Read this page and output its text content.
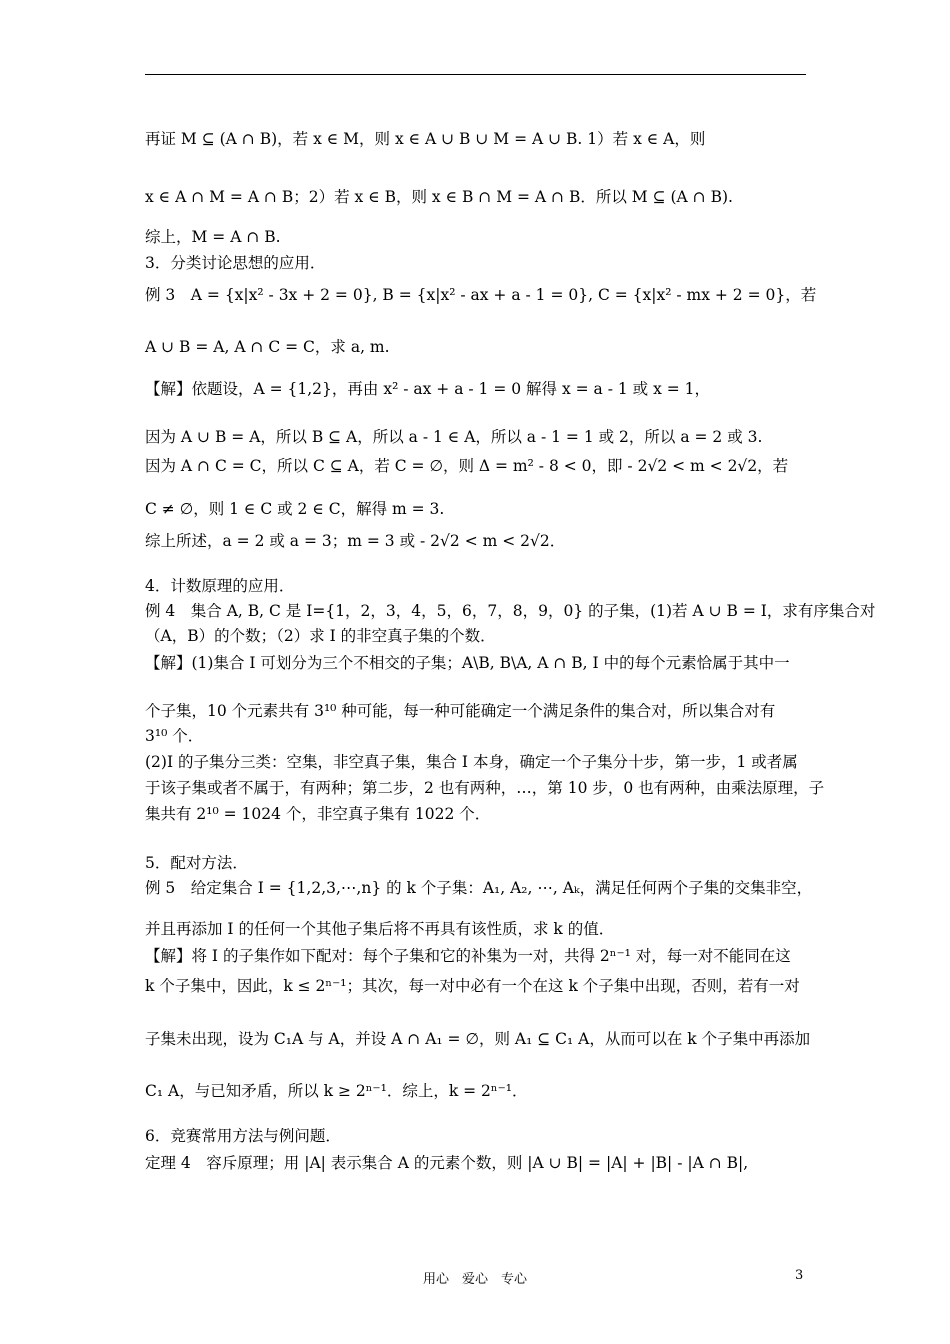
再证 M ⊆ (A ∩ B)，若 x ∈ M，则 x ∈ A ∪ B ∪ M = A ∪ B. 1）若 x ∈ A，则
x ∈ A ∩ M = A ∩ B；2）若 x ∈ B，则 x ∈ B ∩ M = A ∩ B．所以 M ⊆ (A ∩ B).
综上，M = A ∩ B.
3．分类讨论思想的应用．
例 3　A = {x|x² - 3x + 2 = 0}, B = {x|x² - ax + a - 1 = 0}, C = {x|x² - mx + 2 = 0}，若
A ∪ B = A, A ∩ C = C，求 a, m.
【解】依题设，A = {1,2}，再由 x² - ax + a - 1 = 0 解得 x = a - 1 或 x = 1，
因为 A ∪ B = A，所以 B ⊆ A，所以 a - 1 ∈ A，所以 a - 1 = 1 或 2，所以 a = 2 或 3.
因为 A ∩ C = C，所以 C ⊆ A，若 C = ∅，则 Δ = m² - 8 < 0，即 - 2√2 < m < 2√2，若
C ≠ ∅，则 1 ∈ C 或 2 ∈ C，解得 m = 3.
综上所述，a = 2 或 a = 3；m = 3 或 - 2√2 < m < 2√2．
4．计数原理的应用．
例 4　集合 A, B, C 是 I={1，2，3，4，5，6，7，8，9，0} 的子集，(1)若 A ∪ B = I，求有序集合对
（A，B）的个数；（2）求 I 的非空真子集的个数．
【解】(1)集合 I 可划分为三个不相交的子集；A\B, B\A, A ∩ B, I 中的每个元素恰属于其中一
个子集，10 个元素共有 3¹⁰ 种可能，每一种可能确定一个满足条件的集合对，所以集合对有
3¹⁰ 个．
(2)I 的子集分三类：空集，非空真子集，集合 I 本身，确定一个子集分十步，第一步，1 或者属
于该子集或者不属于，有两种；第二步，2 也有两种，…，第 10 步，0 也有两种，由乘法原理，子
集共有 2¹⁰ = 1024 个，非空真子集有 1022 个．
5．配对方法．
例 5　给定集合 I = {1,2,3,⋯,n} 的 k 个子集：A₁, A₂, ⋯, Aₖ，满足任何两个子集的交集非空，
并且再添加 I 的任何一个其他子集后将不再具有该性质，求 k 的值．
【解】将 I 的子集作如下配对：每个子集和它的补集为一对，共得 2ⁿ⁻¹ 对，每一对不能同在这
k 个子集中，因此，k ≤ 2ⁿ⁻¹；其次，每一对中必有一个在这 k 个子集中出现，否则，若有一对
子集未出现，设为 C₁A 与 A，并设 A ∩ A₁ = ∅，则 A₁ ⊆ C₁ A，从而可以在 k 个子集中再添加
C₁ A，与已知矛盾，所以 k ≥ 2ⁿ⁻¹．综上，k = 2ⁿ⁻¹．
6．竞赛常用方法与例问题．
定理 4　容斥原理；用 |A| 表示集合 A 的元素个数，则 |A ∪ B| = |A| + |B| - |A ∩ B|,
用心　爱心　专心	3
